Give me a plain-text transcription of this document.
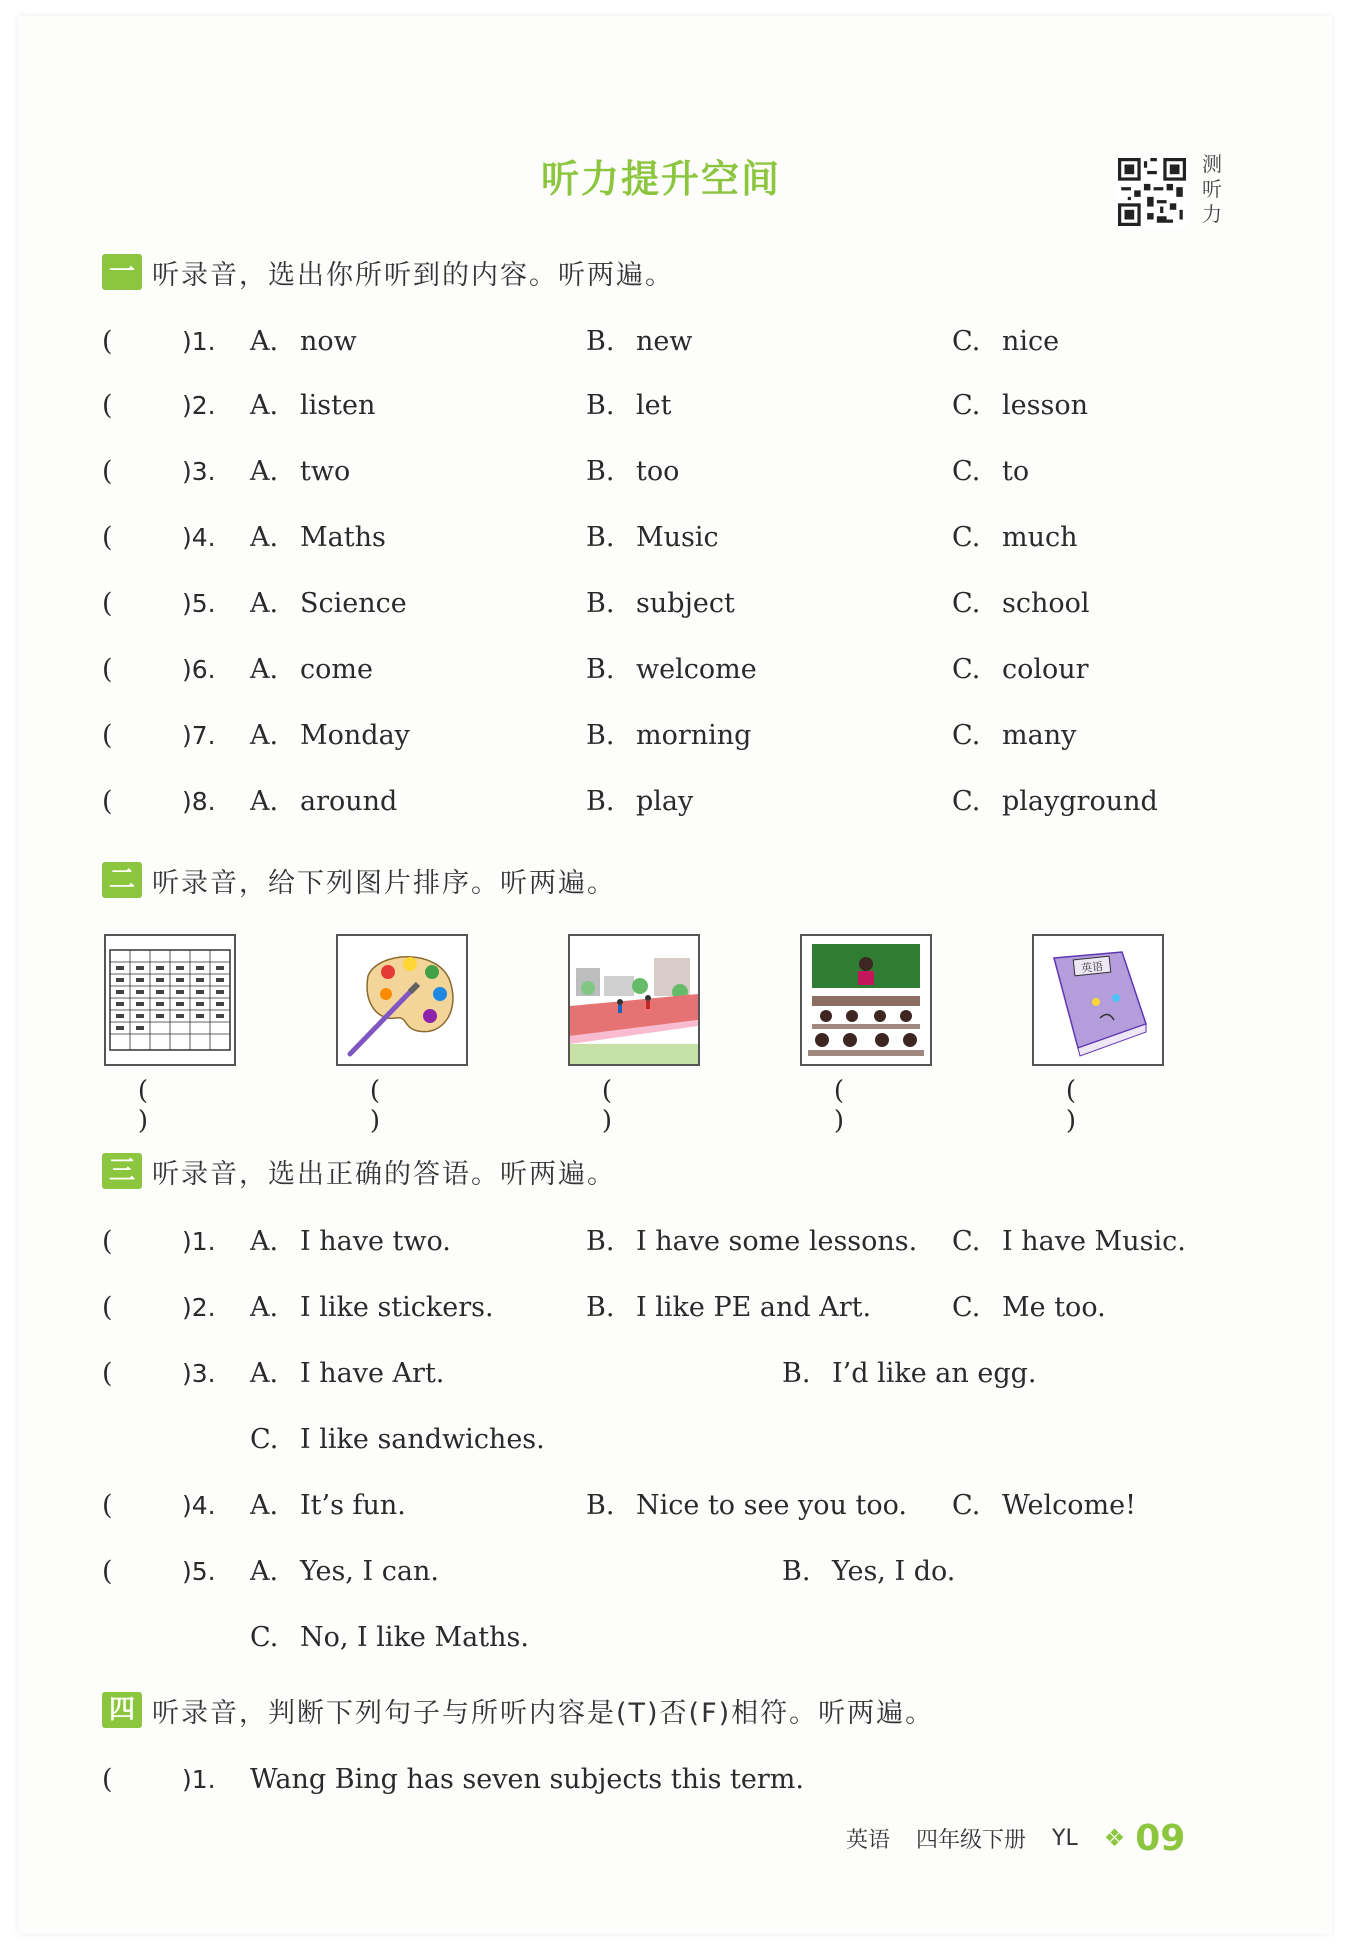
听力提升空间	测
听
力
一 听录音，选出你所听到的内容。听两遍。
(	)1. A. now	B. new	C. nice
(	)2. A. listen	B. let	C. lesson
(	)3. A. two	B. too	C. to
(	)4. A. Maths	B. Music	C. much
(	)5. A. Science	B. subject	C. school
(	)6. A. come	B. welcome	C. colour
(	)7. A. Monday	B. morning	C. many
(	)8. A. around	B. play	C. playground
二 听录音，给下列图片排序。听两遍。
英语
( )
( )
( )
( )
( )
三 听录音，选出正确的答语。听两遍。
(	)1. A. I have two.	B. I have some lessons. C. I have Music.
(	)2. A. I like stickers.	B. I like PE and Art.	C. Me too.
(	)3. A. I have Art.	B. I’d like an egg.
C. I like sandwiches.
(	)4. A. It’s fun.	B. Nice to see you too. C. Welcome!
(	)5. A. Yes, I can.	B. Yes, I do.
C. No, I like Maths.
四 听录音，判断下列句子与所听内容是(T)否(F)相符。听两遍。
(	)1. Wang Bing has seven subjects this term.
英语 四年级下册 YL ❖ 09
